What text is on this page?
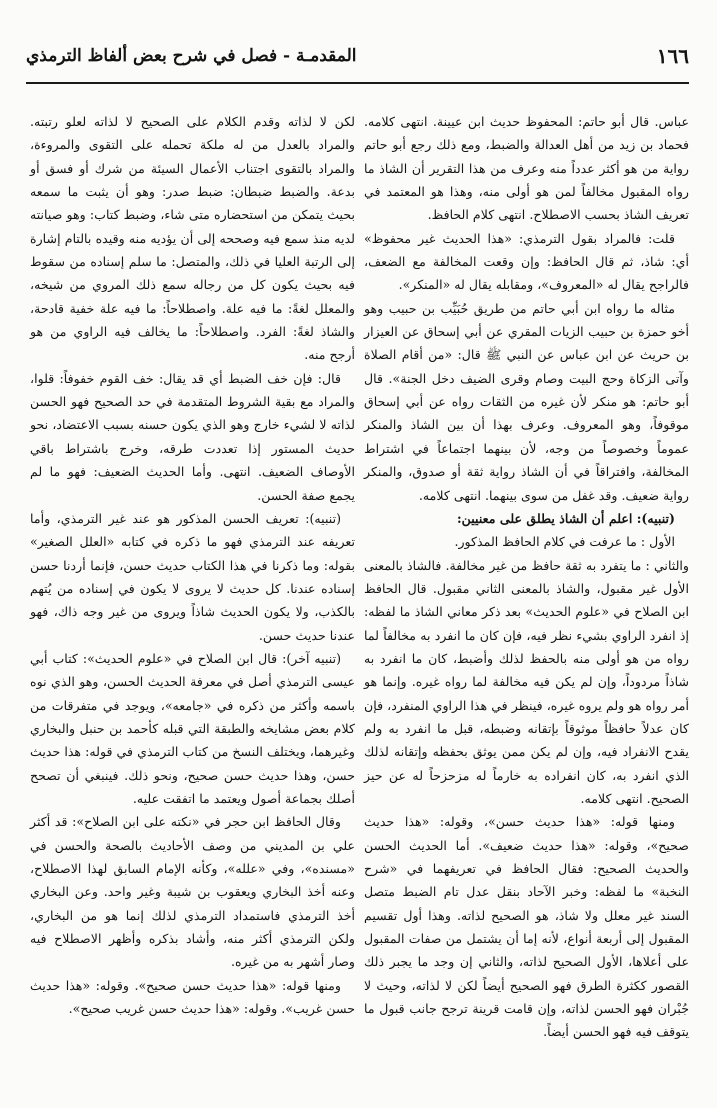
١٦٦
المقدمـة - فصل في شرح بعض ألفاظ الترمذي

عباس. قال أبو حاتم: المحفوظ حديث ابن عيينة. انتهى كلامه. فحماد بن زيد من أهل العدالة والضبط، ومع ذلك رجع أبو حاتم رواية من هو أكثر عدداً منه وعرف من هذا التقرير أن الشاذ ما رواه المقبول مخالفاً لمن هو أولى منه، وهذا هو المعتمد في تعريف الشاذ بحسب الاصطلاح. انتهى كلام الحافظ.

قلت: فالمراد بقول الترمذي: «هذا الحديث غير محفوظ» أي: شاذ، ثم قال الحافظ: وإن وقعت المخالفة مع الضعف، فالراجح يقال له «المعروف»، ومقابله يقال له «المنكر».

مثاله ما رواه ابن أبي حاتم من طريق حُبَيِّب بن حبيب وهو أخو حمزة بن حبيب الزيات المقري عن أبي إسحاق عن العيزار بن حريث عن ابن عباس عن النبي ﷺ قال: «من أقام الصلاة وآتى الزكاة وحج البيت وصام وقرى الضيف دخل الجنة». قال أبو حاتم: هو منكر لأن غيره من الثقات رواه عن أبي إسحاق موقوفاً، وهو المعروف. وعرف بهذا أن بين الشاذ والمنكر عموماً وخصوصاً من وجه، لأن بينهما اجتماعاً في اشتراط المخالفة، وافتراقاً في أن الشاذ رواية ثقة أو صدوق، والمنكر رواية ضعيف. وقد غفل من سوى بينهما. انتهى كلامه.

(تنبيه): اعلم أن الشاذ يطلق على معنيين:

الأول : ما عرفت في كلام الحافظ المذكور.

والثاني : ما يتفرد به ثقة حافظ من غير مخالفة. فالشاذ بالمعنى الأول غير مقبول، والشاذ بالمعنى الثاني مقبول. قال الحافظ ابن الصلاح في «علوم الحديث» بعد ذكر معاني الشاذ ما لفظه: إذ انفرد الراوي بشيء نظر فيه، فإن كان ما انفرد به مخالفاً لما رواه من هو أولى منه بالحفظ لذلك وأضبط، كان ما انفرد به شاذاً مردوداً، وإن لم يكن فيه مخالفة لما رواه غيره. وإنما هو أمر رواه هو ولم يروه غيره، فينظر في هذا الراوي المنفرد، فإن كان عدلاً حافظاً موثوقاً بإتقانه وضبطه، قبل ما انفرد به ولم يقدح الانفراد فيه، وإن لم يكن ممن يوثق بحفظه وإتقانه لذلك الذي انفرد به، كان انفراده به خارماً له مزحزحاً له عن حيز الصحيح. انتهى كلامه.

ومنها قوله: «هذا حديث حسن»، وقوله: «هذا حديث صحيح»، وقوله: «هذا حديث ضعيف». أما الحديث الحسن والحديث الصحيح: فقال الحافظ في تعريفهما في «شرح النخبة» ما لفظه: وخبر الآحاد بنقل عدل تام الضبط متصل السند غير معلل ولا شاذ، هو الصحيح لذاته. وهذا أول تقسيم المقبول إلى أربعة أنواع، لأنه إما أن يشتمل من صفات المقبول على أعلاها، الأول الصحيح لذاته، والثاني إن وجد ما يجبر ذلك القصور ككثرة الطرق فهو الصحيح أيضاً لكن لا لذاته، وحيث لا جُبْران فهو الحسن لذاته، وإن قامت قرينة ترجح جانب قبول ما يتوقف فيه فهو الحسن أيضاً.

لكن لا لذاته وقدم الكلام على الصحيح لا لذاته لعلو رتبته. والمراد بالعدل من له ملكة تحمله على التقوى والمروءة، والمراد بالتقوى اجتناب الأعمال السيئة من شرك أو فسق أو بدعة. والضبط ضبطان: ضبط صدر: وهو أن يثبت ما سمعه بحيث يتمكن من استحضاره متى شاء، وضبط كتاب: وهو صيانته لديه منذ سمع فيه وصححه إلى أن يؤديه منه وقيده بالتام إشارة إلى الرتبة العليا في ذلك، والمتصل: ما سلم إسناده من سقوط فيه بحيث يكون كل من رجاله سمع ذلك المروي من شيخه، والمعلل لغةً: ما فيه علة. واصطلاحاً: ما فيه علة خفية قادحة، والشاذ لغةً: الفرد. واصطلاحاً: ما يخالف فيه الراوي من هو أرجح منه.

قال: فإن خف الضبط أي قد يقال: خف القوم خفوفاً: قلوا، والمراد مع بقية الشروط المتقدمة في حد الصحيح فهو الحسن لذاته لا لشيء خارج وهو الذي يكون حسنه بسبب الاعتضاد، نحو حديث المستور إذا تعددت طرقه، وخرج باشتراط باقي الأوصاف الضعيف. انتهى. وأما الحديث الضعيف: فهو ما لم يجمع صفة الحسن.

(تنبيه): تعريف الحسن المذكور هو عند غير الترمذي، وأما تعريفه عند الترمذي فهو ما ذكره في كتابه «العلل الصغير» بقوله: وما ذكرنا في هذا الكتاب حديث حسن، فإنما أردنا حسن إسناده عندنا. كل حديث لا يروى لا يكون في إسناده من يُتهم بالكذب، ولا يكون الحديث شاذاً ويروى من غير وجه ذاك، فهو عندنا حديث حسن.

(تنبيه آخر): قال ابن الصلاح في «علوم الحديث»: كتاب أبي عيسى الترمذي أصل في معرفة الحديث الحسن، وهو الذي نوه باسمه وأكثر من ذكره في «جامعه»، ويوجد في متفرقات من كلام بعض مشايخه والطبقة التي قبله كأحمد بن حنبل والبخاري وغيرهما، ويختلف النسخ من كتاب الترمذي في قوله: هذا حديث حسن، وهذا حديث حسن صحيح، ونحو ذلك. فينبغي أن تصحح أصلك بجماعة أصول ويعتمد ما اتفقت عليه.

وقال الحافظ ابن حجر في «نكته على ابن الصلاح»: قد أكثر علي بن المديني من وصف الأحاديث بالصحة والحسن في «مسنده»، وفي «علله»، وكأنه الإمام السابق لهذا الاصطلاح، وعنه أخذ البخاري ويعقوب بن شيبة وغير واحد. وعن البخاري أخذ الترمذي فاستمداد الترمذي لذلك إنما هو من البخاري، ولكن الترمذي أكثر منه، وأشاد بذكره وأظهر الاصطلاح فيه وصار أشهر به من غيره.

ومنها قوله: «هذا حديث حسن صحيح». وقوله: «هذا حديث حسن غريب». وقوله: «هذا حديث حسن غريب صحيح».
